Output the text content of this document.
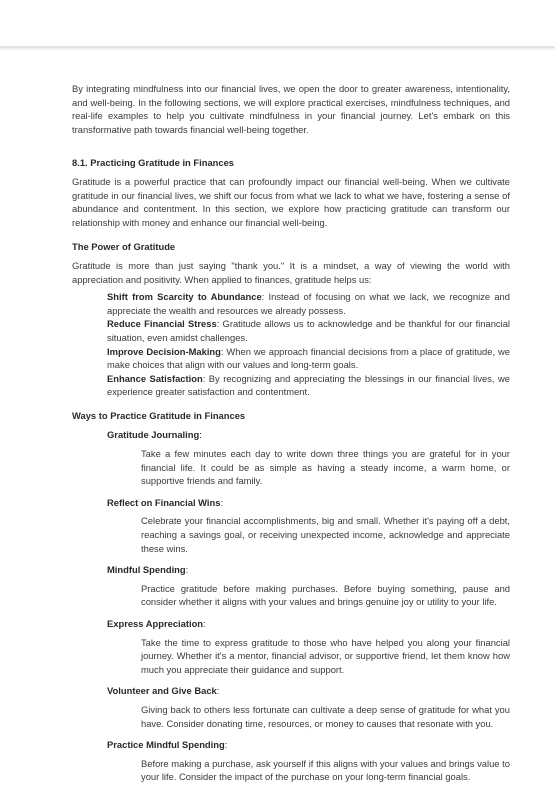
By integrating mindfulness into our financial lives, we open the door to greater awareness, intentionality, and well-being. In the following sections, we will explore practical exercises, mindfulness techniques, and real-life examples to help you cultivate mindfulness in your financial journey. Let's embark on this transformative path towards financial well-being together.

8.1. Practicing Gratitude in Finances

Gratitude is a powerful practice that can profoundly impact our financial well-being. When we cultivate gratitude in our financial lives, we shift our focus from what we lack to what we have, fostering a sense of abundance and contentment. In this section, we explore how practicing gratitude can transform our relationship with money and enhance our financial well-being.

The Power of Gratitude

Gratitude is more than just saying "thank you." It is a mindset, a way of viewing the world with appreciation and positivity. When applied to finances, gratitude helps us:

Shift from Scarcity to Abundance: Instead of focusing on what we lack, we recognize and appreciate the wealth and resources we already possess.
Reduce Financial Stress: Gratitude allows us to acknowledge and be thankful for our financial situation, even amidst challenges.
Improve Decision-Making: When we approach financial decisions from a place of gratitude, we make choices that align with our values and long-term goals.
Enhance Satisfaction: By recognizing and appreciating the blessings in our financial lives, we experience greater satisfaction and contentment.
Ways to Practice Gratitude in Finances
Gratitude Journaling:

Take a few minutes each day to write down three things you are grateful for in your financial life. It could be as simple as having a steady income, a warm home, or supportive friends and family.

Reflect on Financial Wins:

Celebrate your financial accomplishments, big and small. Whether it's paying off a debt, reaching a savings goal, or receiving unexpected income, acknowledge and appreciate these wins.

Mindful Spending:

Practice gratitude before making purchases. Before buying something, pause and consider whether it aligns with your values and brings genuine joy or utility to your life.

Express Appreciation:

Take the time to express gratitude to those who have helped you along your financial journey. Whether it's a mentor, financial advisor, or supportive friend, let them know how much you appreciate their guidance and support.

Volunteer and Give Back:

Giving back to others less fortunate can cultivate a deep sense of gratitude for what you have. Consider donating time, resources, or money to causes that resonate with you.

Practice Mindful Spending:

Before making a purchase, ask yourself if this aligns with your values and brings value to your life. Consider the impact of the purchase on your long-term financial goals.
